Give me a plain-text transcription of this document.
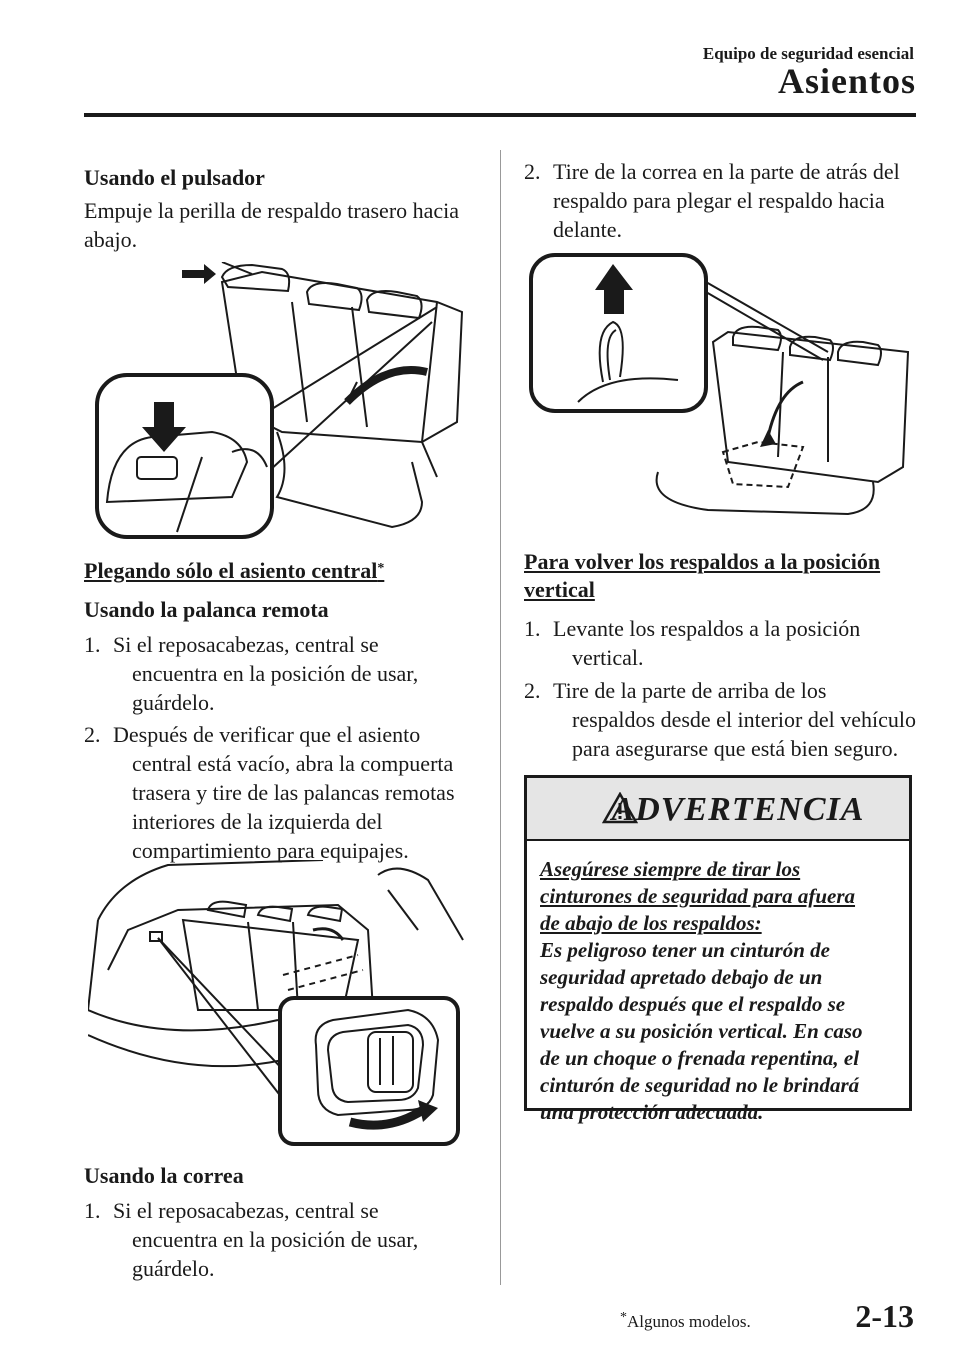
Equipo de seguridad esencial
Asientos
Usando el pulsador
Empuje la perilla de respaldo trasero hacia
abajo.
Plegando sólo el asiento central*
Usando la palanca remota
1. Si el reposacabezas, central se
encuentra en la posición de usar,
guárdelo.
2. Después de verificar que el asiento
central está vacío, abra la compuerta
trasera y tire de las palancas remotas
interiores de la izquierda del
compartimiento para equipajes.
Usando la correa
1. Si el reposacabezas, central se
encuentra en la posición de usar,
guárdelo.
2. Tire de la correa en la parte de atrás del
respaldo para plegar el respaldo hacia
delante.
Para volver los respaldos a la posición
vertical
1. Levante los respaldos a la posición
vertical.
2. Tire de la parte de arriba de los
respaldos desde el interior del vehículo
para asegurarse que está bien seguro.
ADVERTENCIA
Asegúrese siempre de tirar los
cinturones de seguridad para afuera
de abajo de los respaldos:
Es peligroso tener un cinturón de
seguridad apretado debajo de un
respaldo después que el respaldo se
vuelve a su posición vertical. En caso
de un choque o frenada repentina, el
cinturón de seguridad no le brindará
una protección adecuada.
*Algunos modelos.	2-13
